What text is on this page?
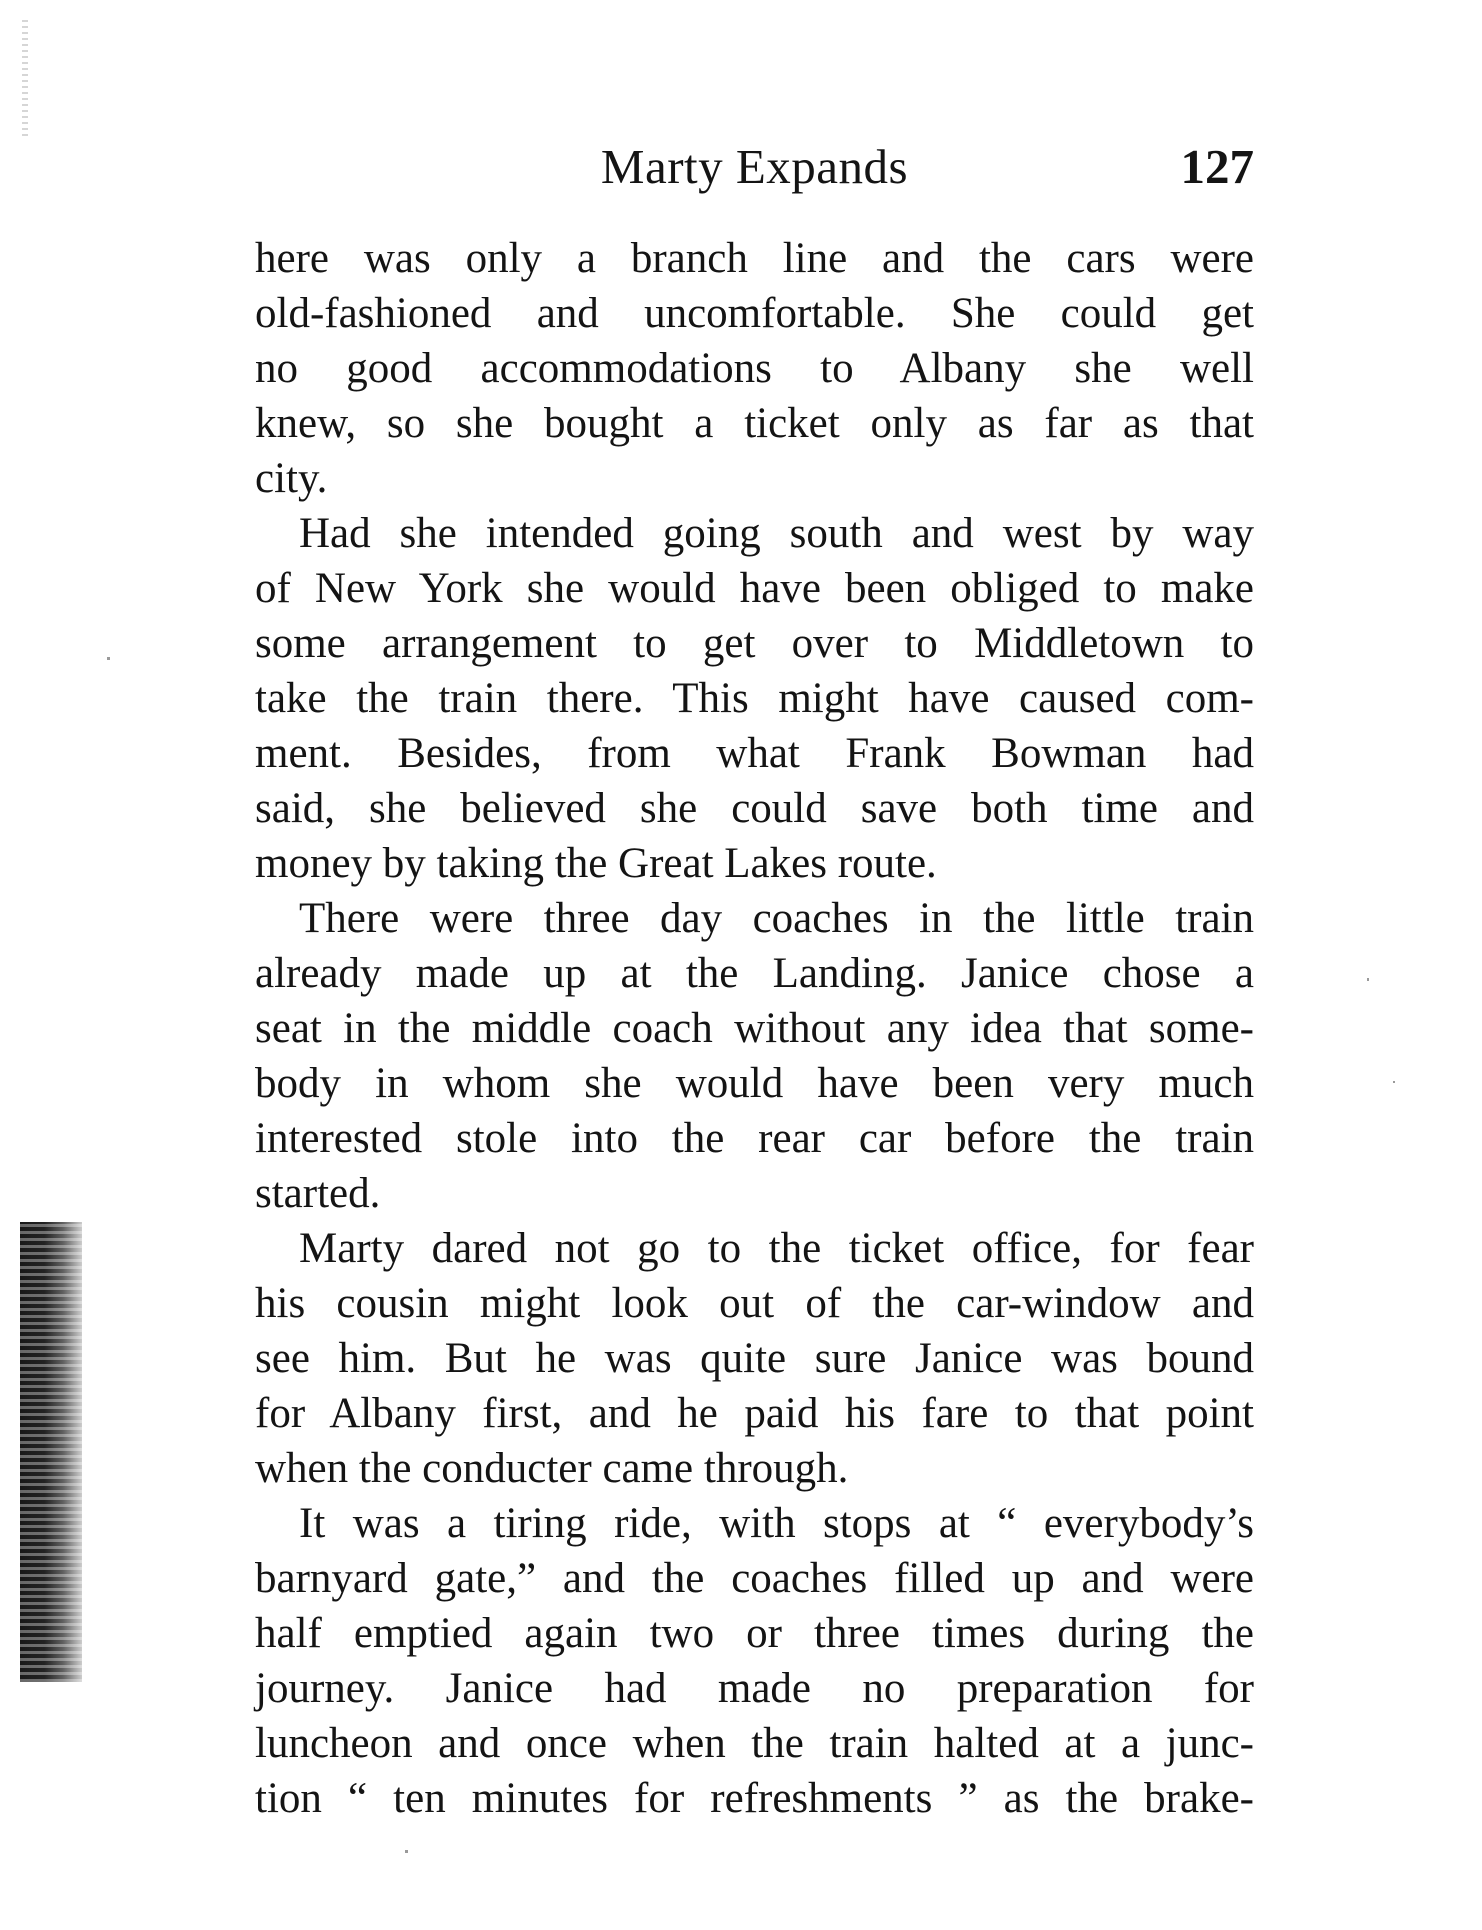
Marty Expands	127
here was only a branch line and the cars were
old-fashioned and uncomfortable. She could get
no good accommodations to Albany she well
knew, so she bought a ticket only as far as that
city.
Had she intended going south and west by way
of New York she would have been obliged to make
some arrangement to get over to Middletown to
take the train there. This might have caused com-
ment. Besides, from what Frank Bowman had
said, she believed she could save both time and
money by taking the Great Lakes route.
There were three day coaches in the little train
already made up at the Landing. Janice chose a
seat in the middle coach without any idea that some-
body in whom she would have been very much
interested stole into the rear car before the train
started.
Marty dared not go to the ticket office, for fear
his cousin might look out of the car-window and
see him. But he was quite sure Janice was bound
for Albany first, and he paid his fare to that point
when the conducter came through.
It was a tiring ride, with stops at “ everybody’s
barnyard gate,” and the coaches filled up and were
half emptied again two or three times during the
journey. Janice had made no preparation for
luncheon and once when the train halted at a junc-
tion “ ten minutes for refreshments ” as the brake-
